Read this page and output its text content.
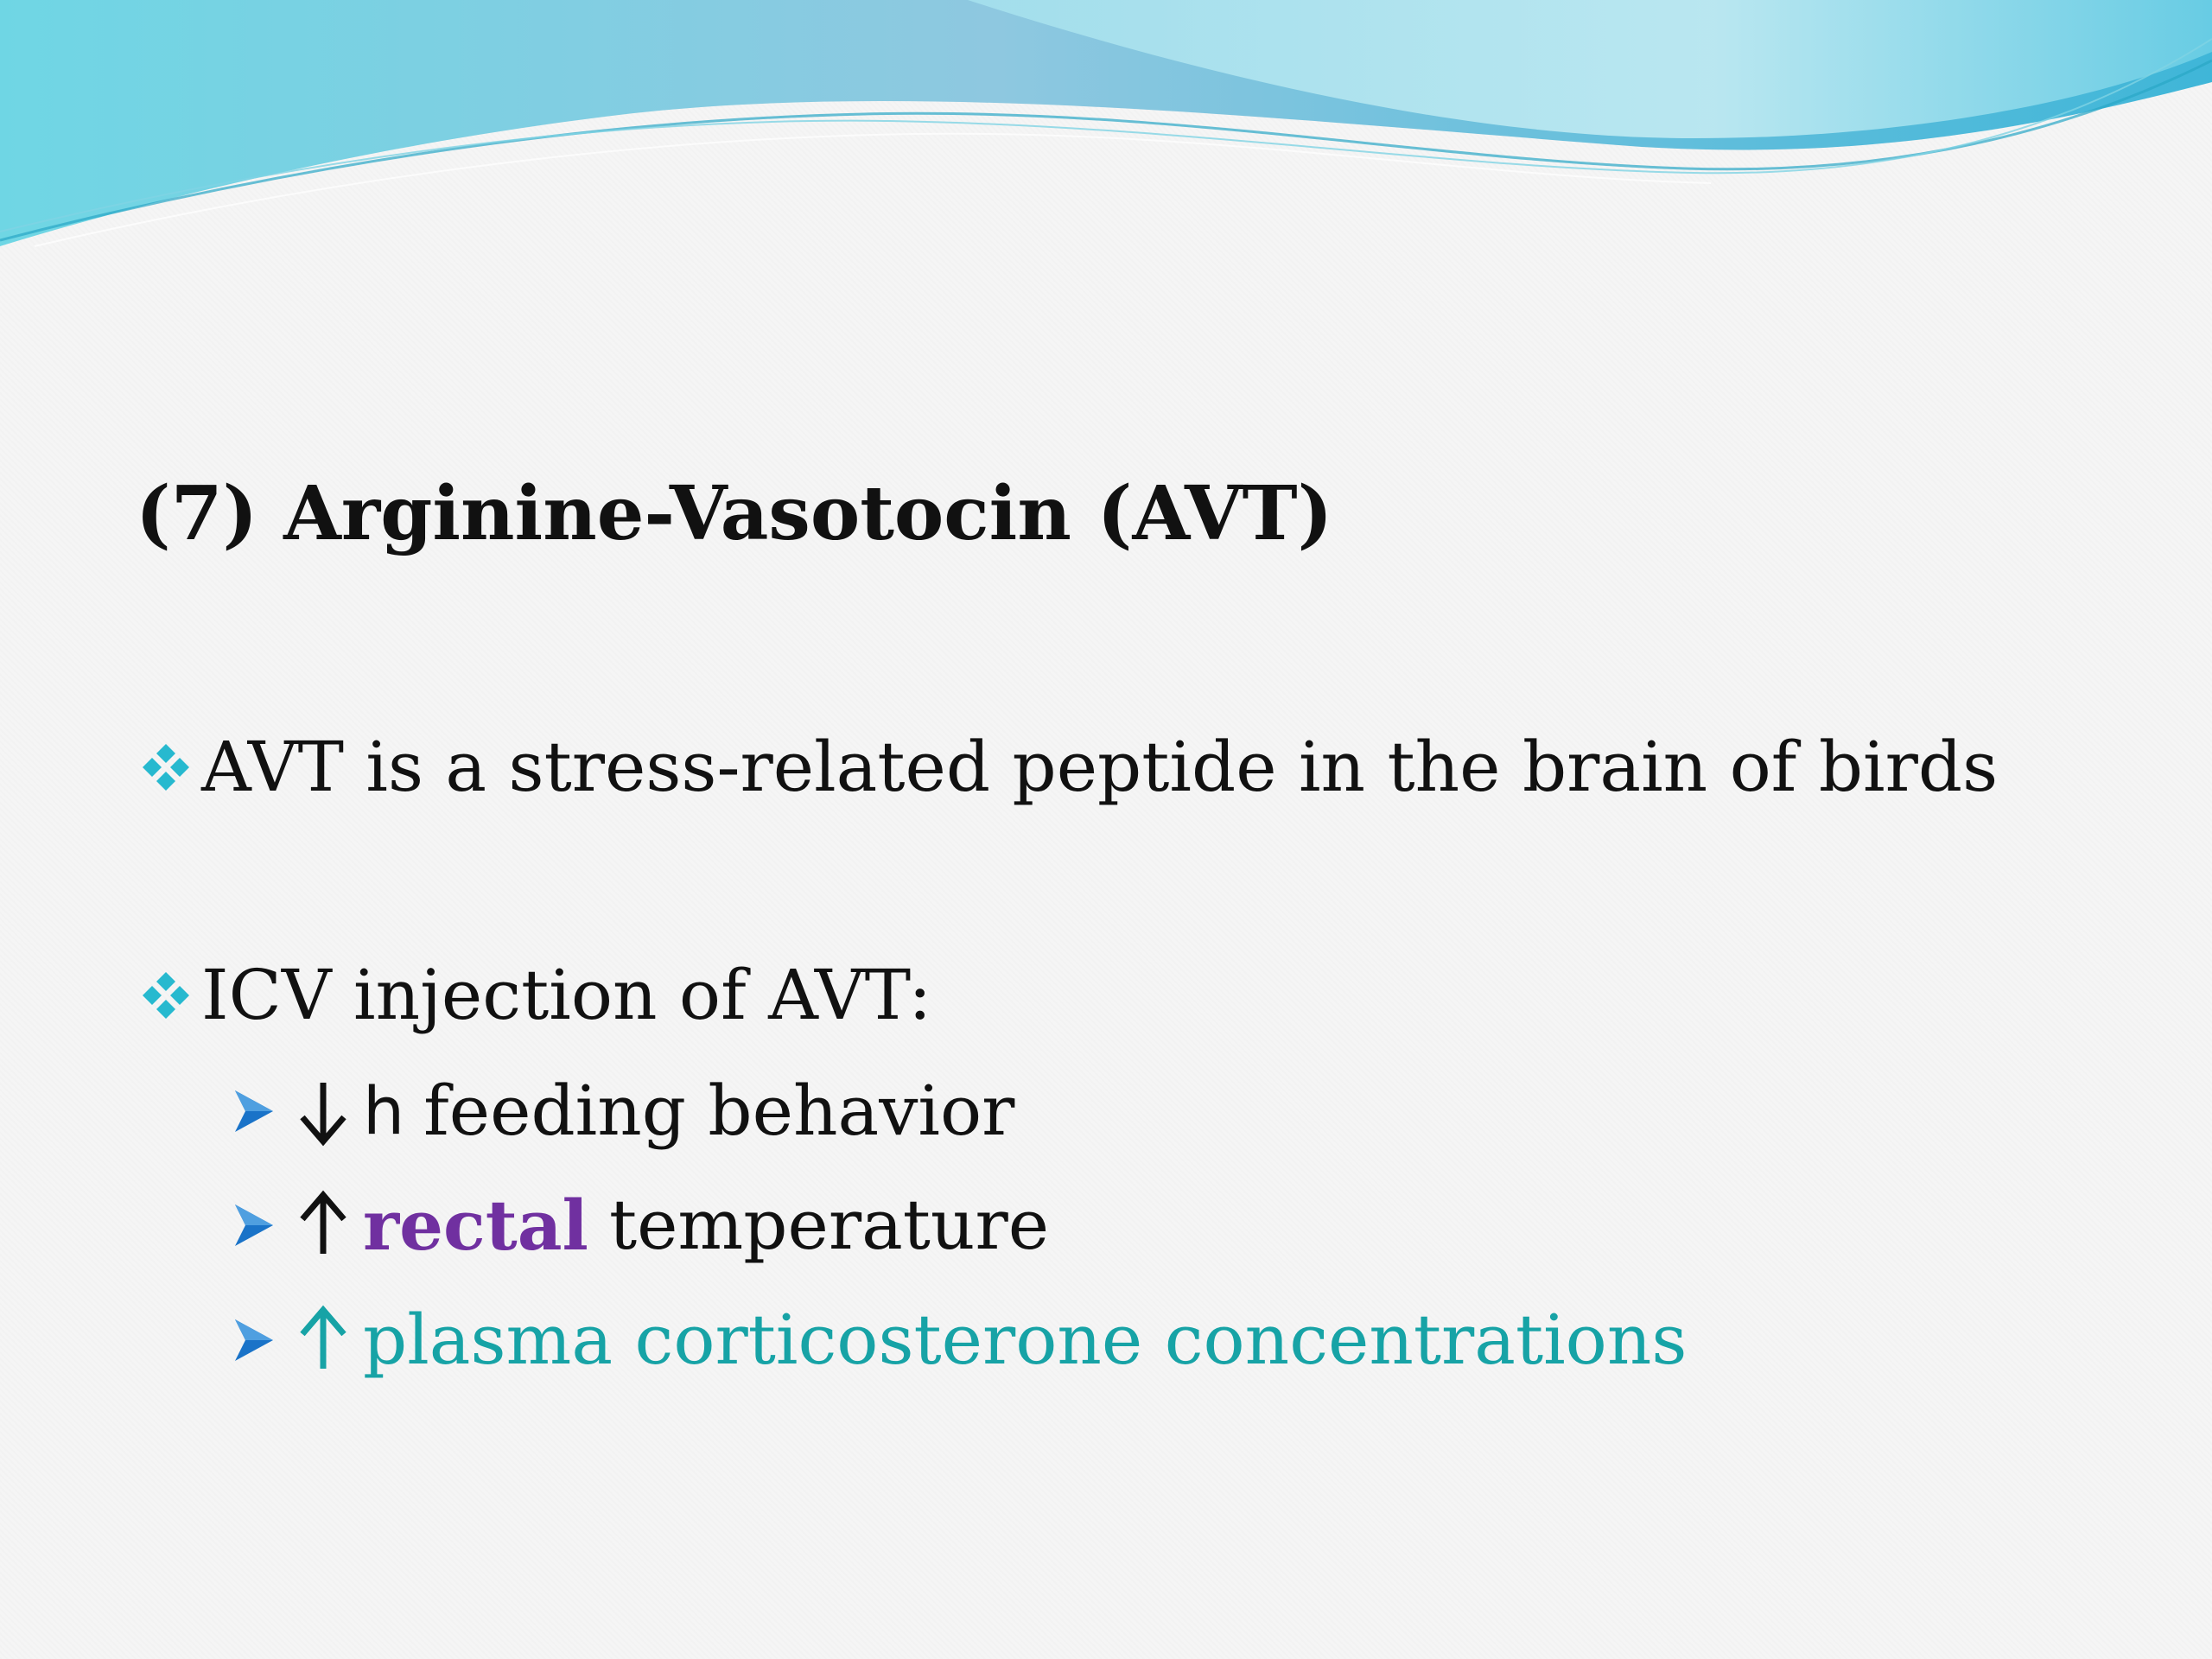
(7) Arginine-Vasotocin (AVT)
AVT is a stress-related peptide in the brain of birds
ICV injection of AVT:
h feeding behavior
rectal temperature
plasma corticosterone concentrations
